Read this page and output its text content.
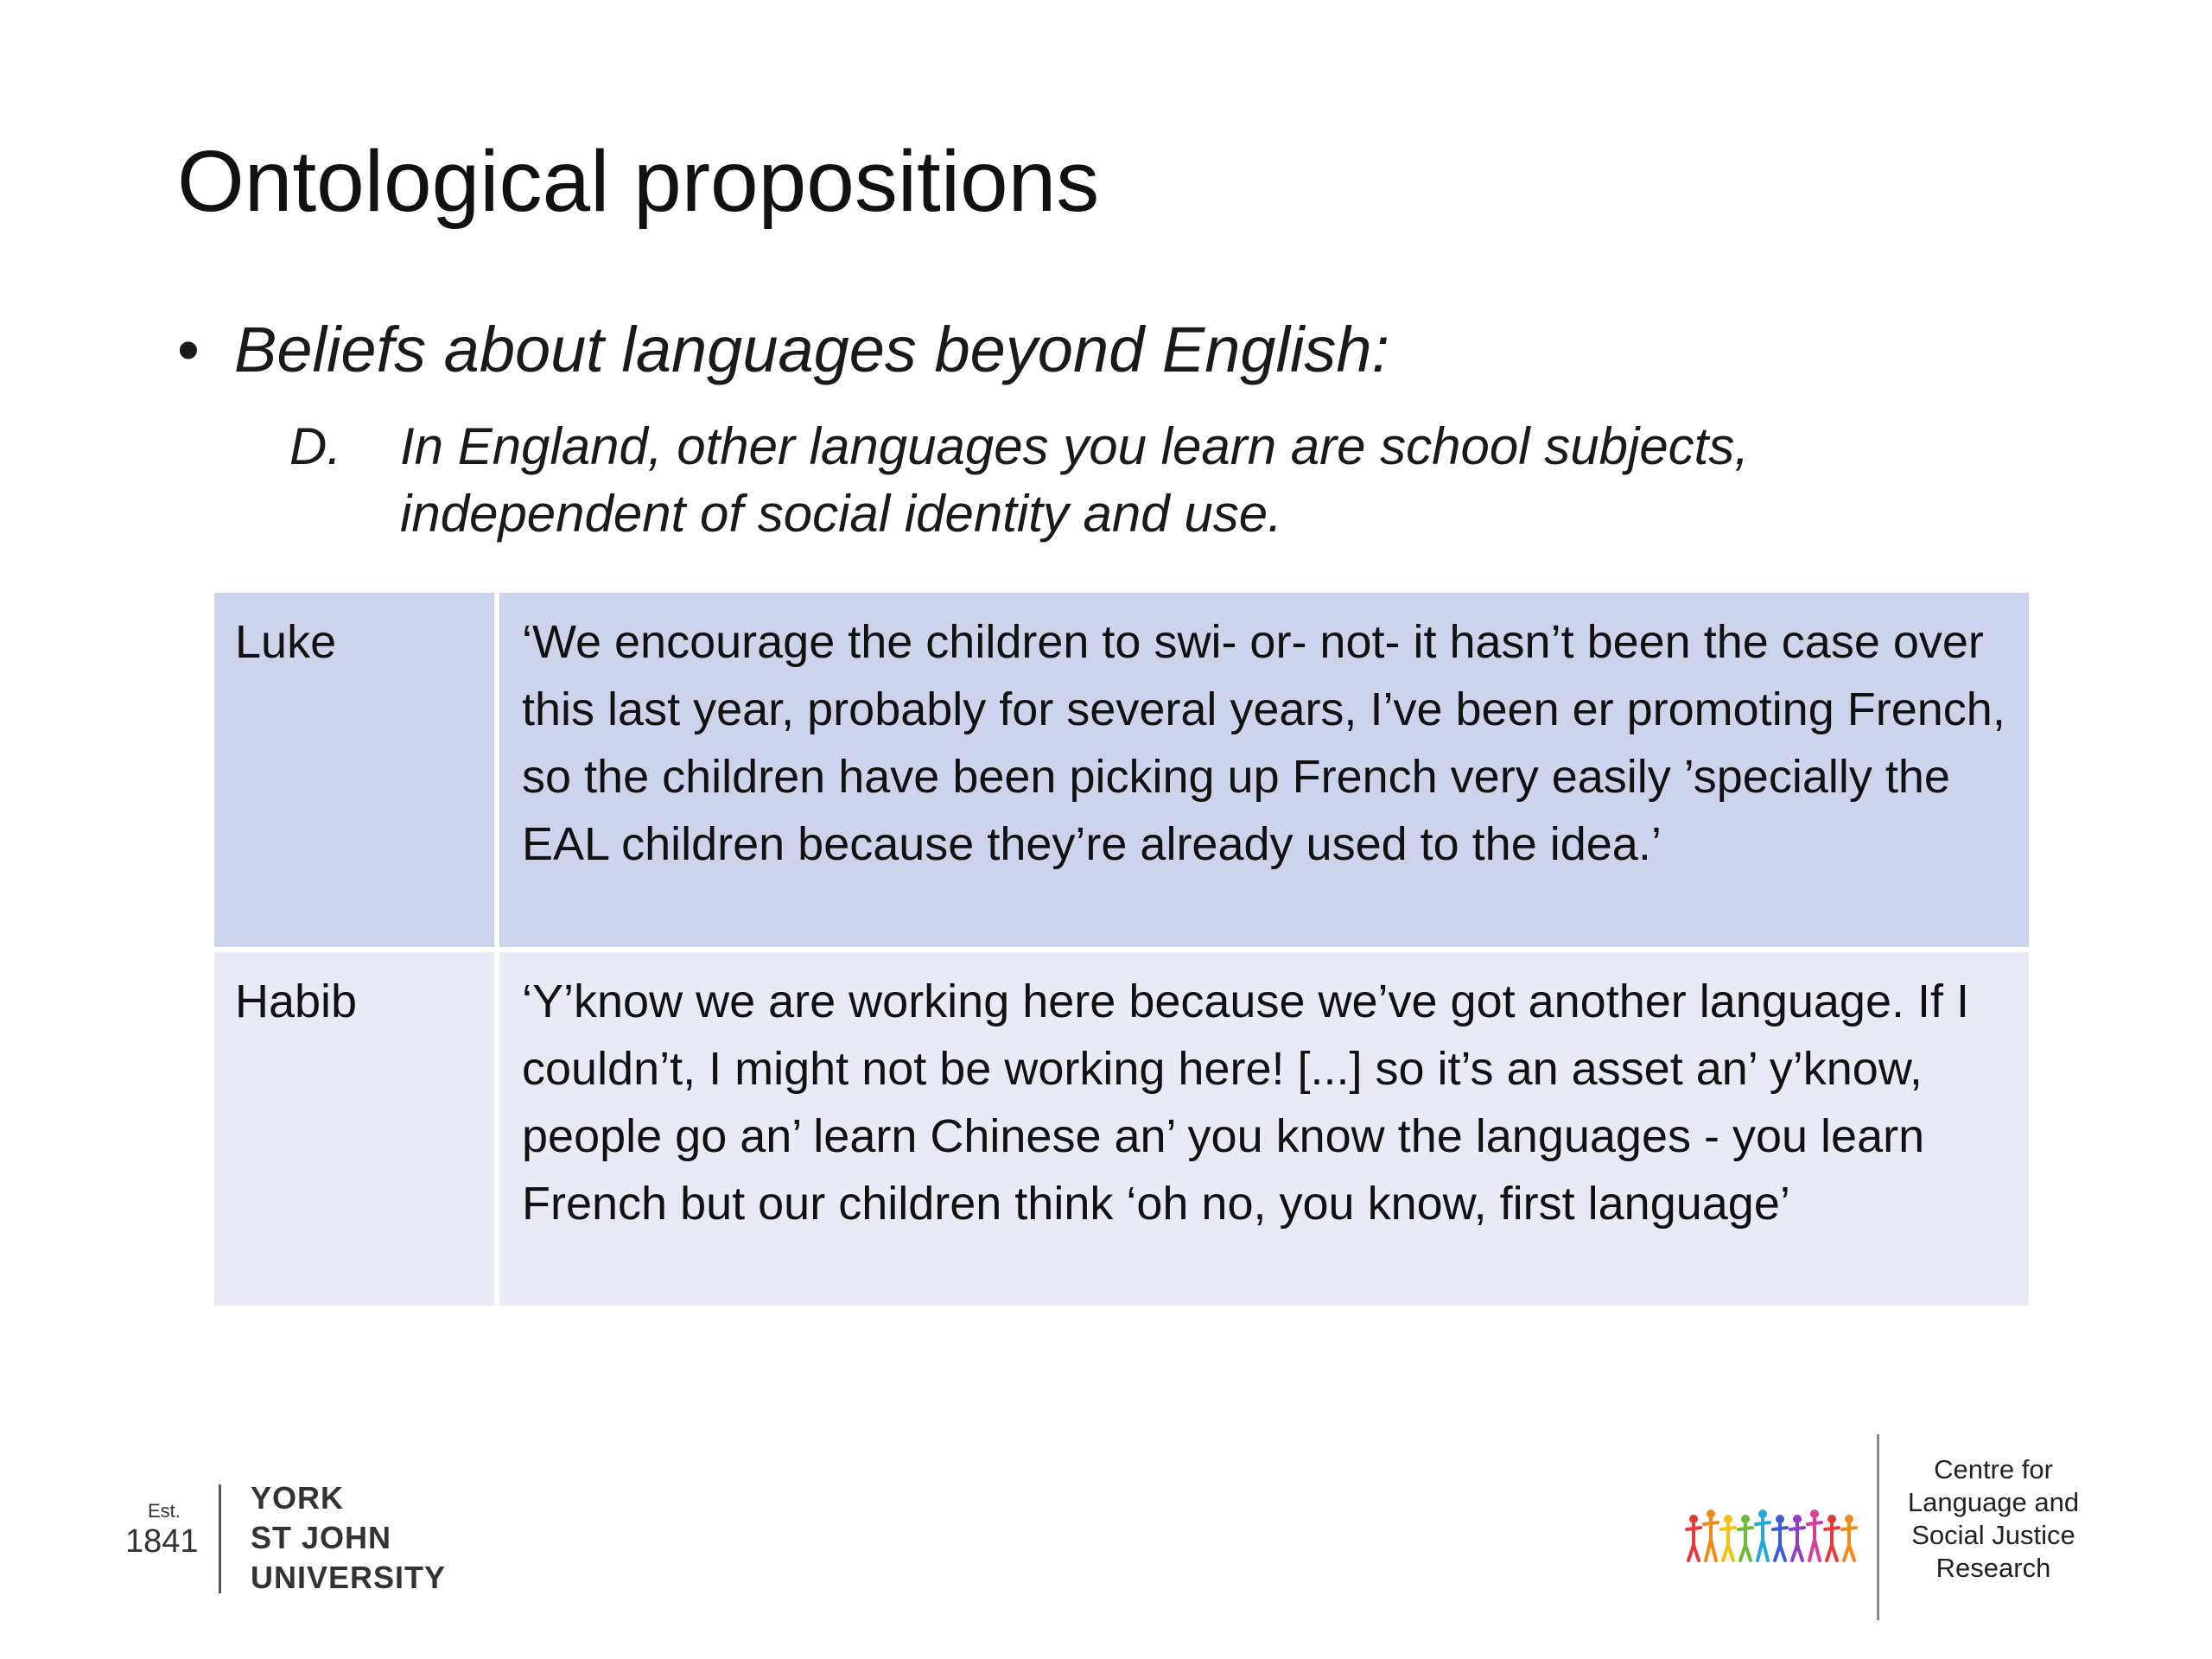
Ontological propositions
• Beliefs about languages beyond English:
D.	In England, other languages you learn are school subjects, independent of social identity and use.
Luke	‘We encourage the children to swi- or- not- it hasn’t been the case over this last year, probably for several years, I’ve been er promoting French, so the children have been picking up French very easily ’specially the EAL children because they’re already used to the idea.’
Habib	‘Y’know we are working here because we’ve got another language. If I couldn’t, I might not be working here! [...] so it’s an asset an’ y’know, people go an’ learn Chinese an’ you know the languages - you learn French but our children think ‘oh no, you know, first language’
Est.
1841
YORK
ST JOHN
UNIVERSITY
Centre for
Language and
Social Justice
Research
